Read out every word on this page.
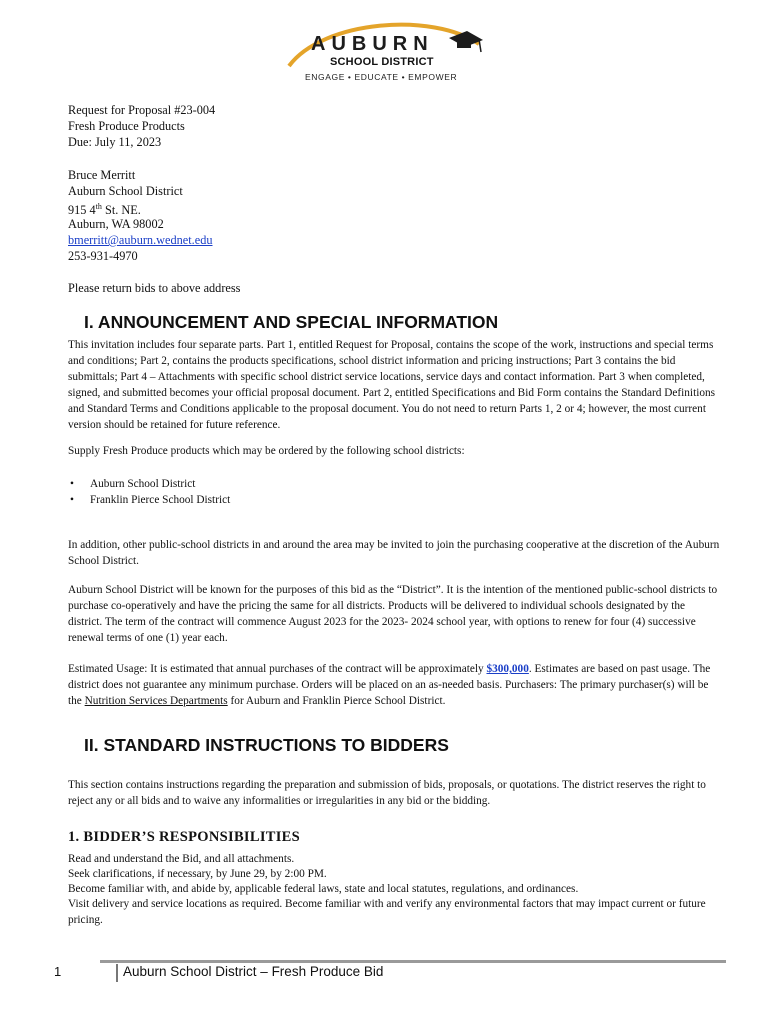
AUBURN
SCHOOL DISTRICT
ENGAGE • EDUCATE • EMPOWER

Request for Proposal #23-004

Fresh Produce Products

Due: July 11, 2023

Bruce Merritt

Auburn School District

915 4th St. NE.

Auburn, WA 98002

bmerritt@auburn.wednet.edu

253-931-4970

Please return bids to above address

I. ANNOUNCEMENT AND SPECIAL INFORMATION

This invitation includes four separate parts. Part 1, entitled Request for Proposal, contains the scope of the work, instructions and special terms and conditions; Part 2, contains the products specifications, school district information and pricing instructions; Part 3 contains the bid submittals; Part 4 – Attachments with specific school district service locations, service days and contact information. Part 3 when completed, signed, and submitted becomes your official proposal document. Part 2, entitled Specifications and Bid Form contains the Standard Definitions and Standard Terms and Conditions applicable to the proposal document. You do not need to return Parts 1, 2 or 4; however, the most current version should be retained for future reference.

Supply Fresh Produce products which may be ordered by the following school districts:

• Auburn School District
• Franklin Pierce School District

In addition, other public-school districts in and around the area may be invited to join the purchasing cooperative at the discretion of the Auburn School District.

Auburn School District will be known for the purposes of this bid as the “District”. It is the intention of the mentioned public-school districts to purchase co-operatively and have the pricing the same for all districts. Products will be delivered to individual schools designated by the district. The term of the contract will commence August 2023 for the 2023- 2024 school year, with options to renew for four (4) successive renewal terms of one (1) year each.

Estimated Usage: It is estimated that annual purchases of the contract will be approximately $300,000. Estimates are based on past usage. The district does not guarantee any minimum purchase. Orders will be placed on an as-needed basis. Purchasers: The primary purchaser(s) will be the Nutrition Services Departments for Auburn and Franklin Pierce School District.

II. STANDARD INSTRUCTIONS TO BIDDERS

This section contains instructions regarding the preparation and submission of bids, proposals, or quotations. The district reserves the right to reject any or all bids and to waive any informalities or irregularities in any bid or the bidding.

1. BIDDER’S RESPONSIBILITIES

Read and understand the Bid, and all attachments.

Seek clarifications, if necessary, by June 29, by 2:00 PM.

Become familiar with, and abide by, applicable federal laws, state and local statutes, regulations, and ordinances.

Visit delivery and service locations as required. Become familiar with and verify any environmental factors that may impact current or future pricing.

1	Auburn School District – Fresh Produce Bid
